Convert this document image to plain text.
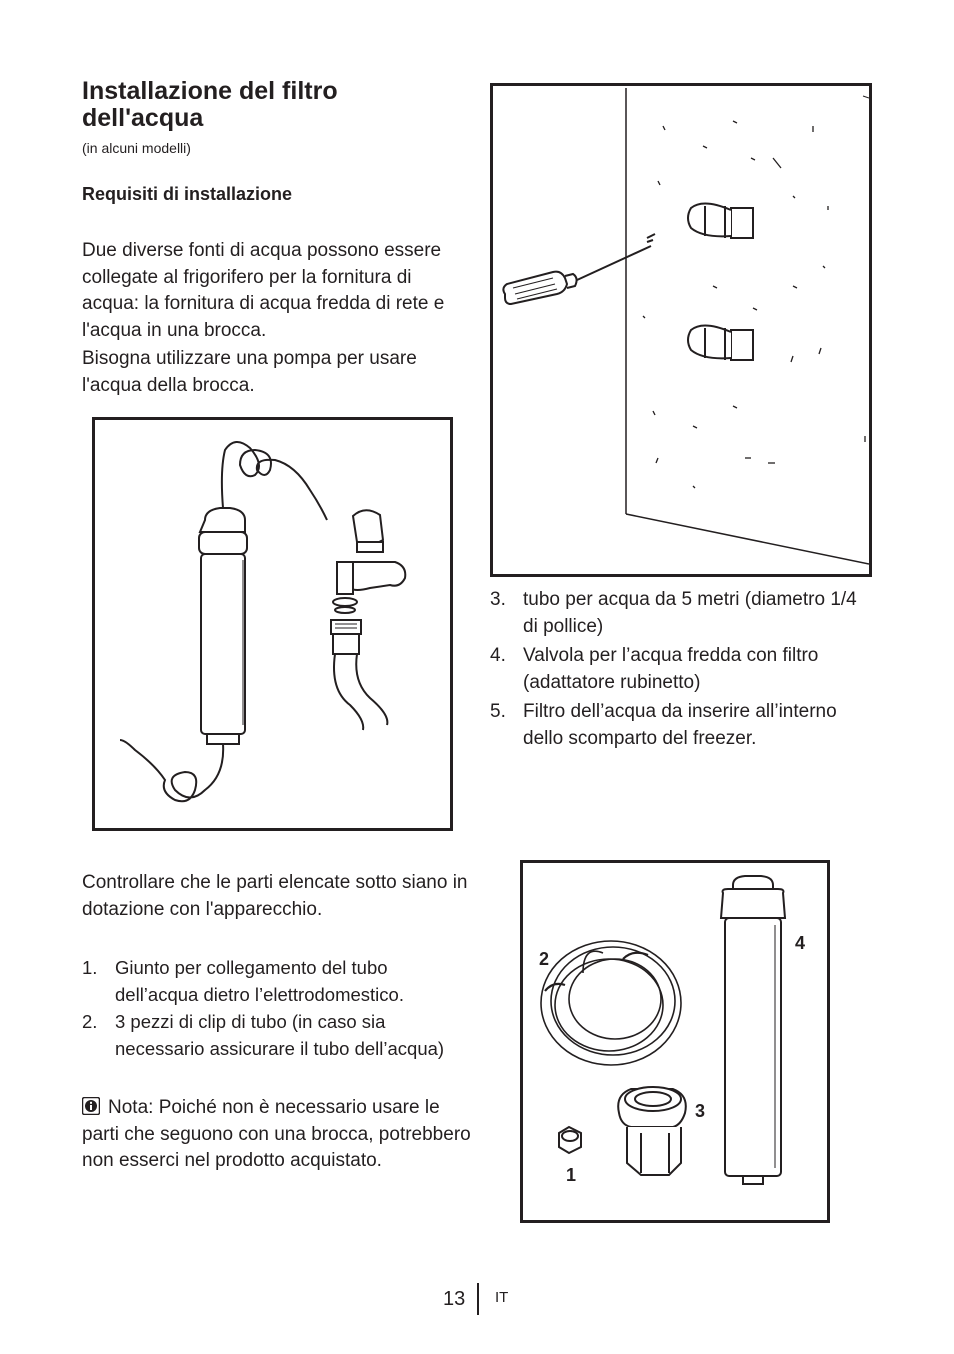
Installazione del filtro dell'acqua
(in alcuni modelli)
Requisiti di installazione
Due diverse fonti di acqua possono essere collegate al frigorifero per la fornitura di acqua: la fornitura di acqua fredda di rete e l'acqua in una brocca.
Bisogna utilizzare una pompa per usare l'acqua della brocca.
3. tubo per acqua da 5 metri (diametro 1/4 di pollice)
4. Valvola per l’acqua fredda con filtro (adattatore rubinetto)
5. Filtro dell’acqua da inserire all’interno dello scomparto del freezer.
Controllare che le parti elencate sotto siano in dotazione con l'apparecchio.
1. Giunto per collegamento del tubo dell’acqua dietro l’elettrodomestico.
2. 3 pezzi di clip di tubo (in caso sia necessario assicurare il tubo dell’acqua)
Nota: Poiché non è necessario usare le parti che seguono con una brocca, potrebbero non esserci nel prodotto acquistato.
1
2
3
4
13 IT
